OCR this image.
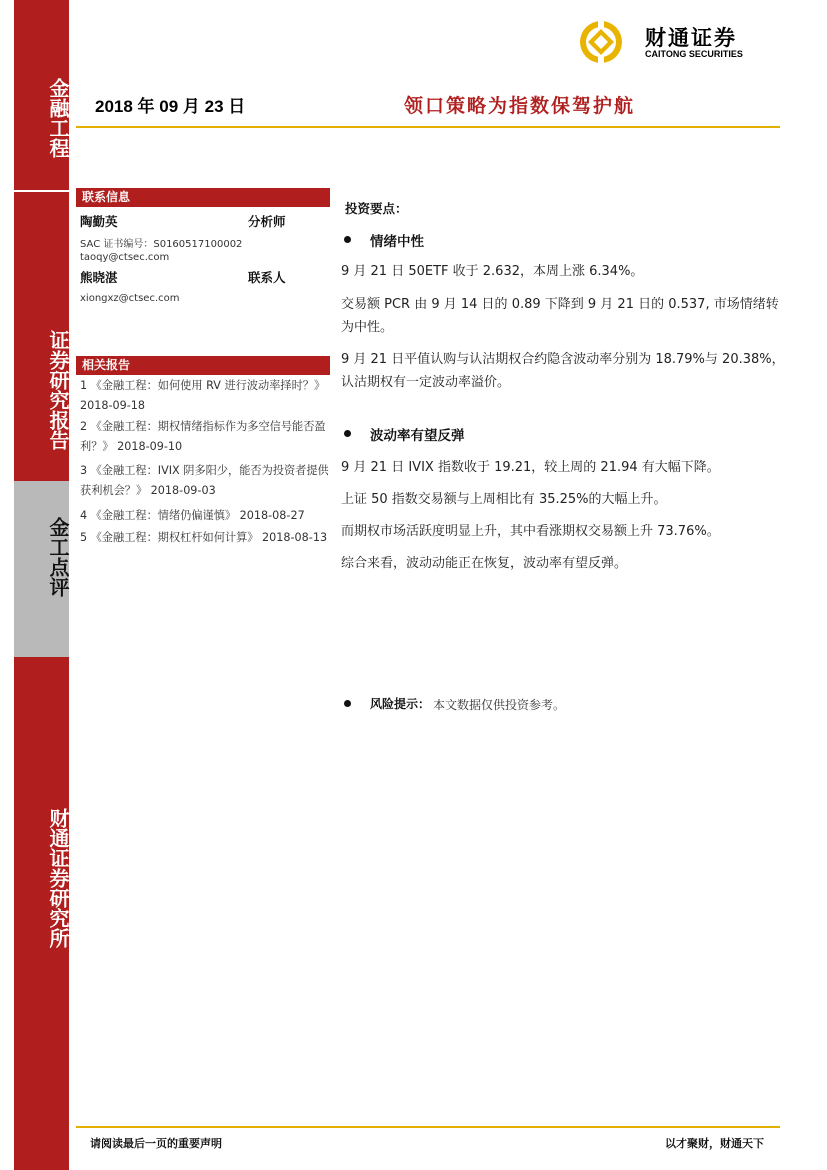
金融工程
证券研究报告
金工点评
财通证券研究所
财通证券
CAITONG SECURITIES
2018 年 09 月 23 日	领口策略为指数保驾护航
联系信息
陶勤英	分析师
SAC 证书编号：S0160517100002
taoqy@ctsec.com
熊晓湛	联系人
xiongxz@ctsec.com
相关报告
1 《金融工程：如何使用 RV 进行波动率择时？》 2018-09-18
2 《金融工程：期权情绪指标作为多空信号能否盈利？》 2018-09-10
3 《金融工程：IVIX 阴多阳少，能否为投资者提供获利机会？》 2018-09-03
4 《金融工程：情绪仍偏谨慎》 2018-08-27
5 《金融工程：期权杠杆如何计算》 2018-08-13
投资要点：
情绪中性
9 月 21 日 50ETF 收于 2.632，本周上涨 6.34%。
交易额 PCR 由 9 月 14 日的 0.89 下降到 9 月 21 日的 0.537, 市场情绪转为中性。
9 月 21 日平值认购与认沽期权合约隐含波动率分别为 18.79%与 20.38%，认沽期权有一定波动率溢价。
波动率有望反弹
9 月 21 日 IVIX 指数收于 19.21，较上周的 21.94 有大幅下降。
上证 50 指数交易额与上周相比有 35.25%的大幅上升。
而期权市场活跃度明显上升，其中看涨期权交易额上升 73.76%。
综合来看，波动动能正在恢复，波动率有望反弹。
风险提示： 本文数据仅供投资参考。
请阅读最后一页的重要声明	以才聚财，财通天下
